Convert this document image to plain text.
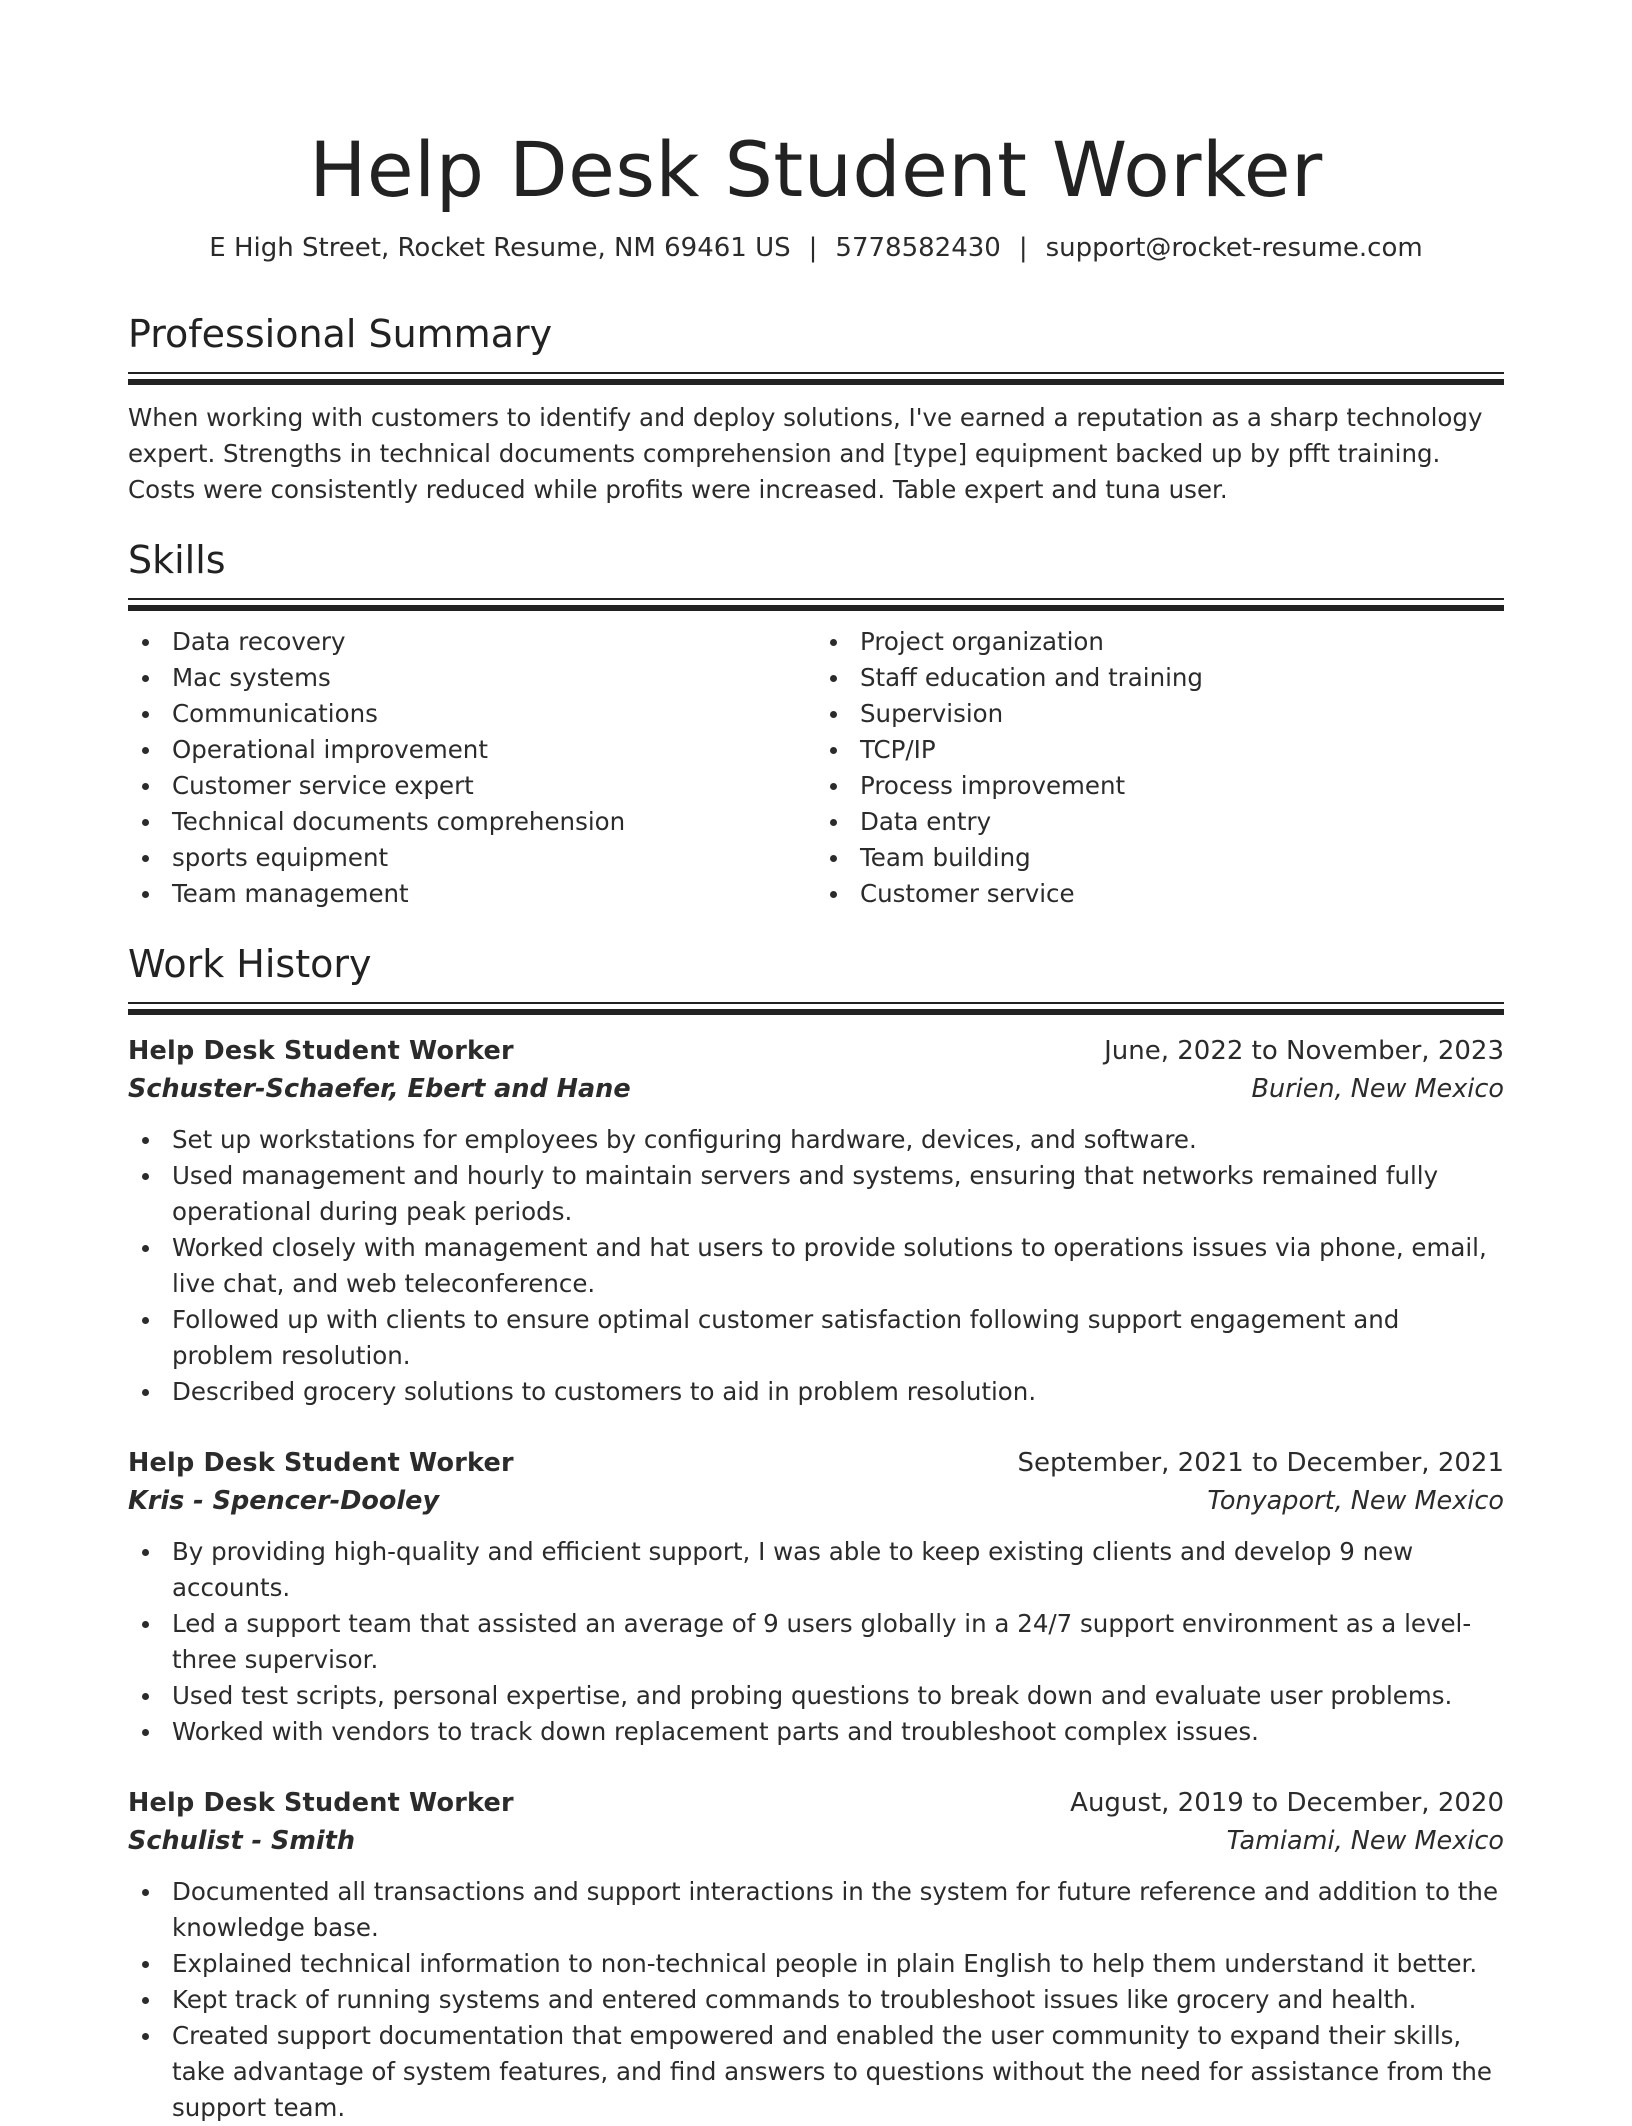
Help Desk Student Worker
E High Street, Rocket Resume, NM 69461 US | 5778582430 | support@rocket-resume.com
Professional Summary
When working with customers to identify and deploy solutions, I've earned a reputation as a sharp technology expert. Strengths in technical documents comprehension and [type] equipment backed up by pfft training. Costs were consistently reduced while profits were increased. Table expert and tuna user.
Skills
Data recovery
Mac systems
Communications
Operational improvement
Customer service expert
Technical documents comprehension
sports equipment
Team management
Project organization
Staff education and training
Supervision
TCP/IP
Process improvement
Data entry
Team building
Customer service
Work History
Help Desk Student Worker	June, 2022 to November, 2023
Schuster-Schaefer, Ebert and Hane	Burien, New Mexico
Set up workstations for employees by configuring hardware, devices, and software.
Used management and hourly to maintain servers and systems, ensuring that networks remained fully operational during peak periods.
Worked closely with management and hat users to provide solutions to operations issues via phone, email, live chat, and web teleconference.
Followed up with clients to ensure optimal customer satisfaction following support engagement and problem resolution.
Described grocery solutions to customers to aid in problem resolution.
Help Desk Student Worker	September, 2021 to December, 2021
Kris - Spencer-Dooley	Tonyaport, New Mexico
By providing high-quality and efficient support, I was able to keep existing clients and develop 9 new accounts.
Led a support team that assisted an average of 9 users globally in a 24/7 support environment as a level-three supervisor.
Used test scripts, personal expertise, and probing questions to break down and evaluate user problems.
Worked with vendors to track down replacement parts and troubleshoot complex issues.
Help Desk Student Worker	August, 2019 to December, 2020
Schulist - Smith	Tamiami, New Mexico
Documented all transactions and support interactions in the system for future reference and addition to the knowledge base.
Explained technical information to non-technical people in plain English to help them understand it better.
Kept track of running systems and entered commands to troubleshoot issues like grocery and health.
Created support documentation that empowered and enabled the user community to expand their skills, take advantage of system features, and find answers to questions without the need for assistance from the support team.
